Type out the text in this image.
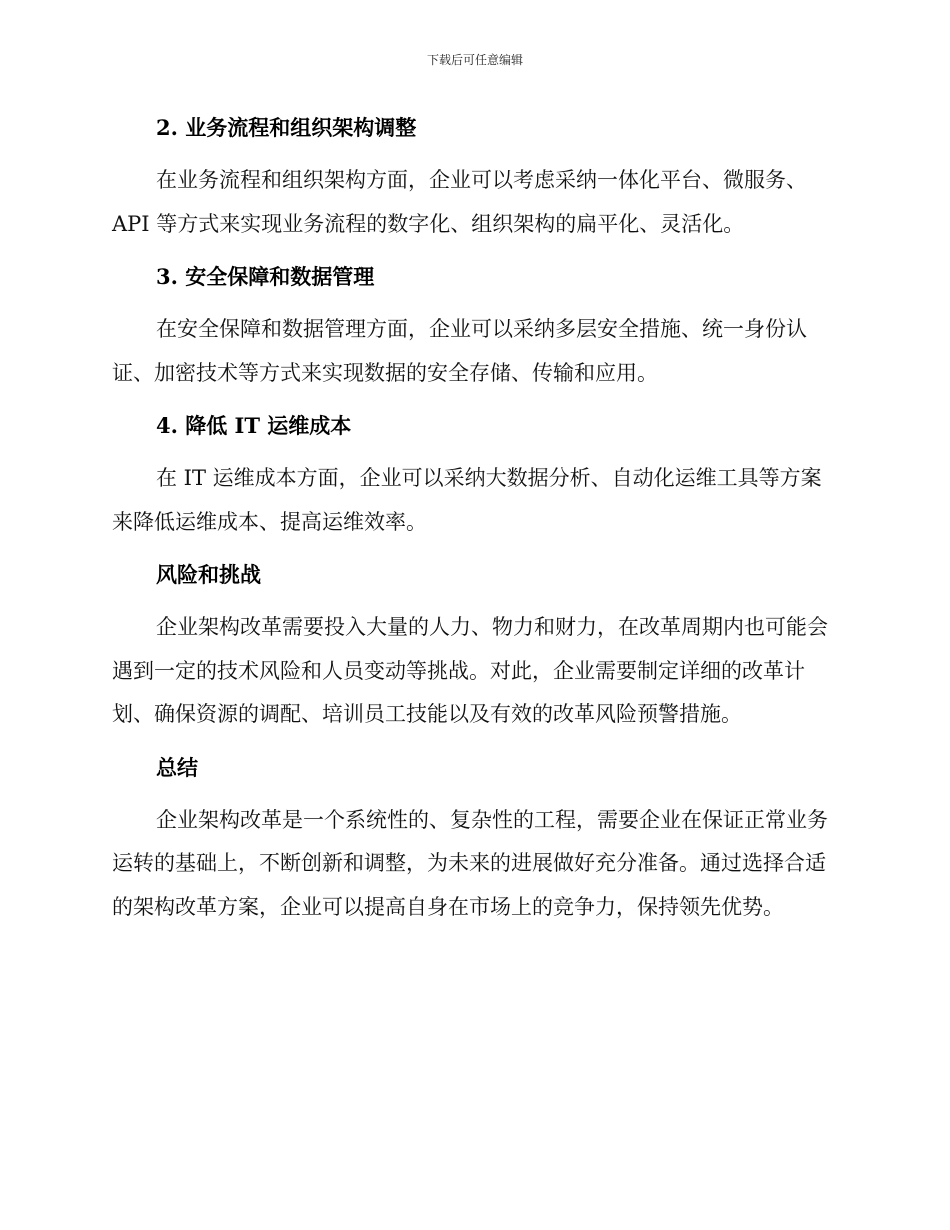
下载后可任意编辑
2. 业务流程和组织架构调整

在业务流程和组织架构方面，企业可以考虑采纳一体化平台、微服务、API 等方式来实现业务流程的数字化、组织架构的扁平化、灵活化。

3. 安全保障和数据管理

在安全保障和数据管理方面，企业可以采纳多层安全措施、统一身份认证、加密技术等方式来实现数据的安全存储、传输和应用。

4. 降低 IT 运维成本

在 IT 运维成本方面，企业可以采纳大数据分析、自动化运维工具等方案来降低运维成本、提高运维效率。

风险和挑战

企业架构改革需要投入大量的人力、物力和财力，在改革周期内也可能会遇到一定的技术风险和人员变动等挑战。对此，企业需要制定详细的改革计划、确保资源的调配、培训员工技能以及有效的改革风险预警措施。

总结

企业架构改革是一个系统性的、复杂性的工程，需要企业在保证正常业务运转的基础上，不断创新和调整，为未来的进展做好充分准备。通过选择合适的架构改革方案，企业可以提高自身在市场上的竞争力，保持领先优势。
